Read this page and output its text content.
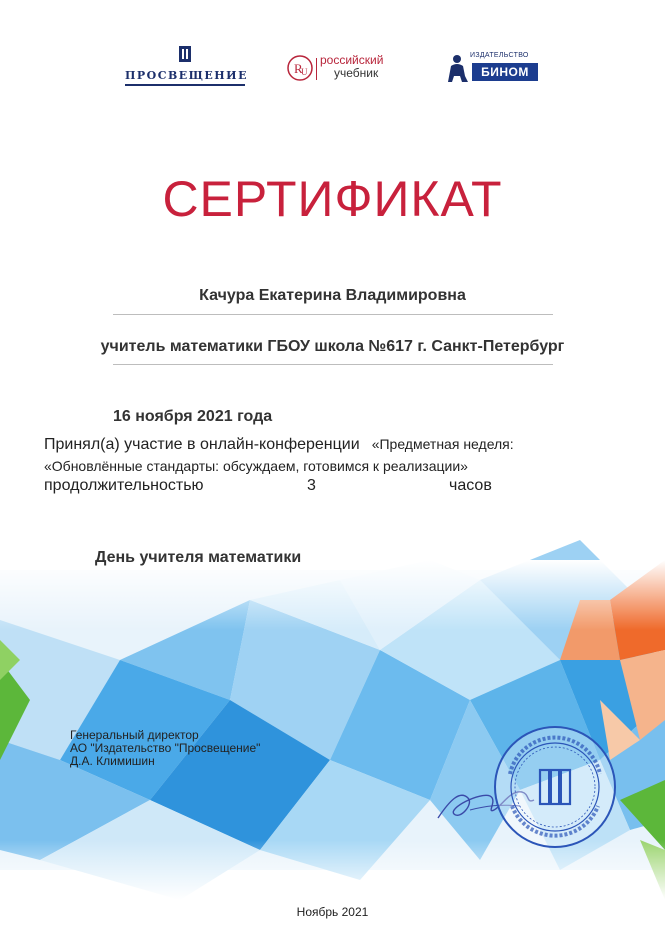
ПРОСВЕЩЕНИЕ	R
U
российский
учебник
ИЗДАТЕЛЬСТВО
БИНОМ
СЕРТИФИКАТ
Качура Екатерина Владимировна
учитель математики ГБОУ школа №617 г. Санкт-Петербург
16 ноября 2021 года
Принял(а) участие в онлайн-конференции «Предметная неделя:
«Обновлённые стандарты: обсуждаем, готовимся к реализации»
продолжительностью	3	часов
День учителя математики
Генеральный директор
АО "Издательство "Просвещение"
Д.А. Климишин
Ноябрь 2021
